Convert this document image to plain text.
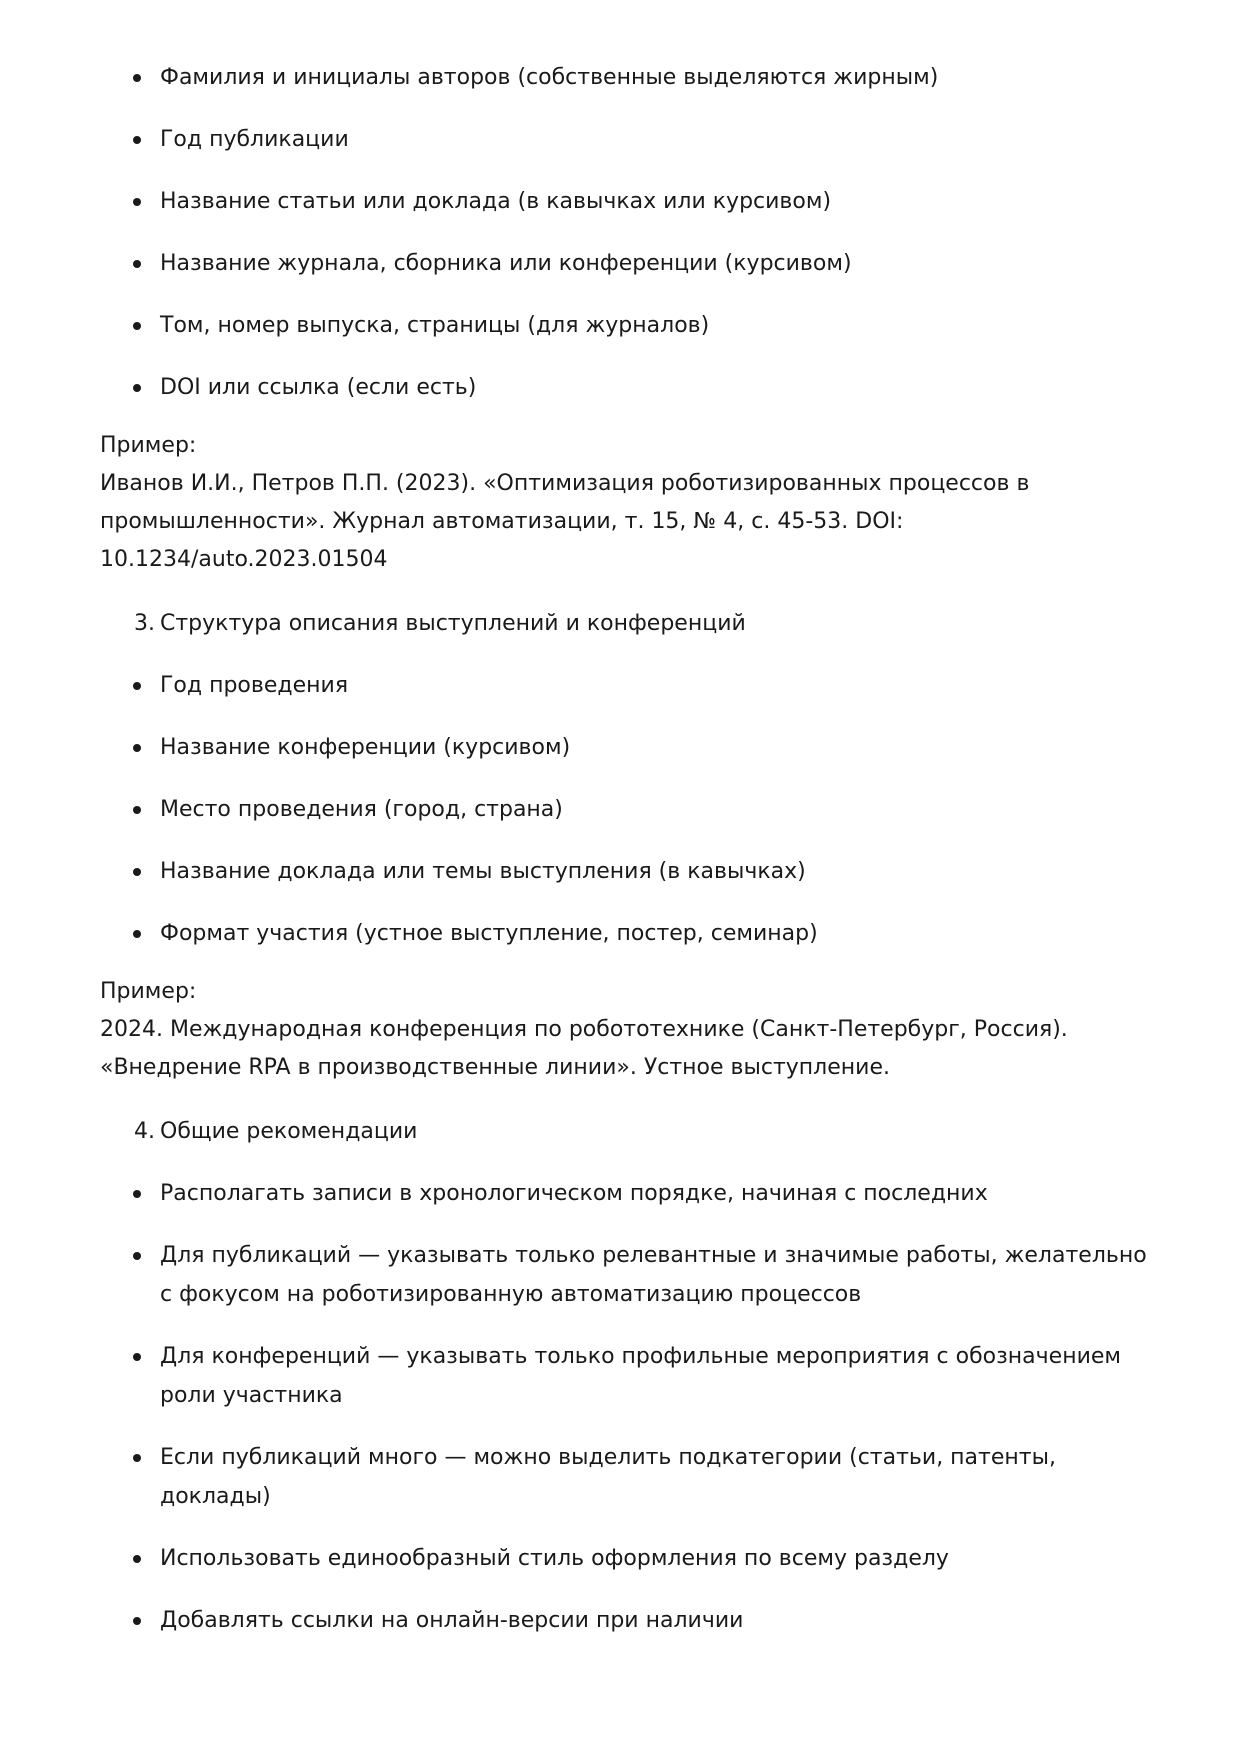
Фамилия и инициалы авторов (собственные выделяются жирным)
Год публикации
Название статьи или доклада (в кавычках или курсивом)
Название журнала, сборника или конференции (курсивом)
Том, номер выпуска, страницы (для журналов)
DOI или ссылка (если есть)

Пример:

Иванов И.И., Петров П.П. (2023). «Оптимизация роботизированных процессов в промышленности». Журнал автоматизации, т. 15, № 4, с. 45-53. DOI: 10.1234/auto.2023.01504

3. Структура описания выступлений и конференций
Год проведения
Название конференции (курсивом)
Место проведения (город, страна)
Название доклада или темы выступления (в кавычках)
Формат участия (устное выступление, постер, семинар)

Пример:

2024. Международная конференция по робототехнике (Санкт-Петербург, Россия). «Внедрение RPA в производственные линии». Устное выступление.

4. Общие рекомендации
Располагать записи в хронологическом порядке, начиная с последних
Для публикаций — указывать только релевантные и значимые работы, желательно с фокусом на роботизированную автоматизацию процессов
Для конференций — указывать только профильные мероприятия с обозначением роли участника
Если публикаций много — можно выделить подкатегории (статьи, патенты, доклады)
Использовать единообразный стиль оформления по всему разделу
Добавлять ссылки на онлайн-версии при наличии
